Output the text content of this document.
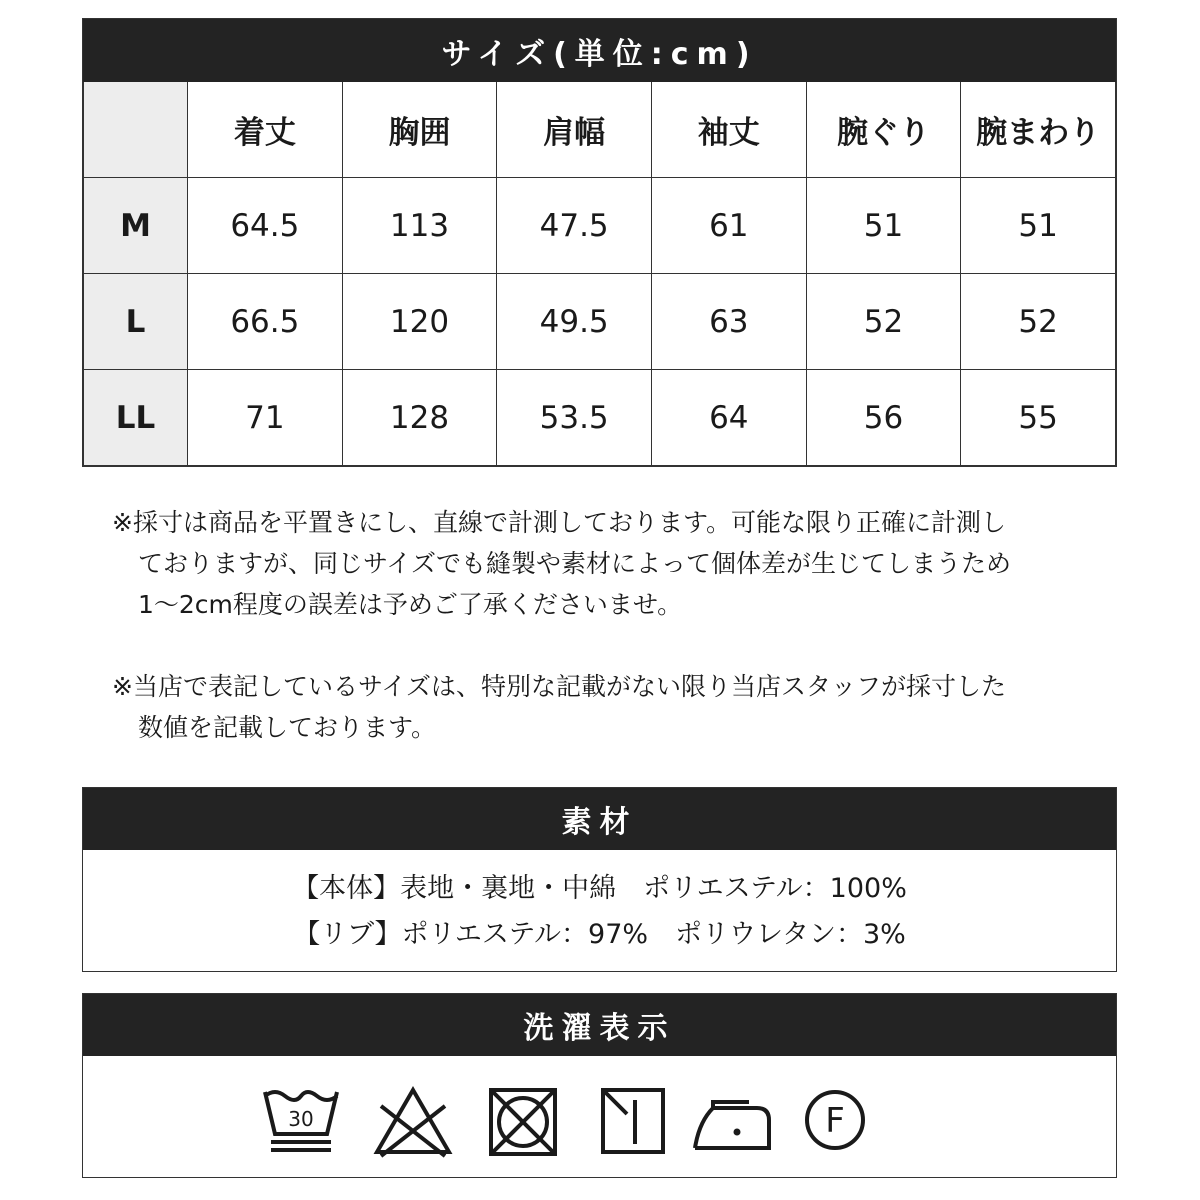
サイズ(単位:cm)
	着丈	胸囲	肩幅	袖丈	腕ぐり	腕まわり
M	64.5	113	47.5	61	51	51
L	66.5	120	49.5	63	52	52
LL	71	128	53.5	64	56	55

※採寸は商品を平置きにし、直線で計測しております。可能な限り正確に計測し

ておりますが、同じサイズでも縫製や素材によって個体差が生じてしまうため

1〜2cm程度の誤差は予めご了承くださいませ。

※当店で表記しているサイズは、特別な記載がない限り当店スタッフが採寸した

数値を記載しております。

素材
【本体】表地・裏地・中綿　ポリエステル：100%
【リブ】ポリエステル：97%　ポリウレタン：3%
洗濯表示
30	F
